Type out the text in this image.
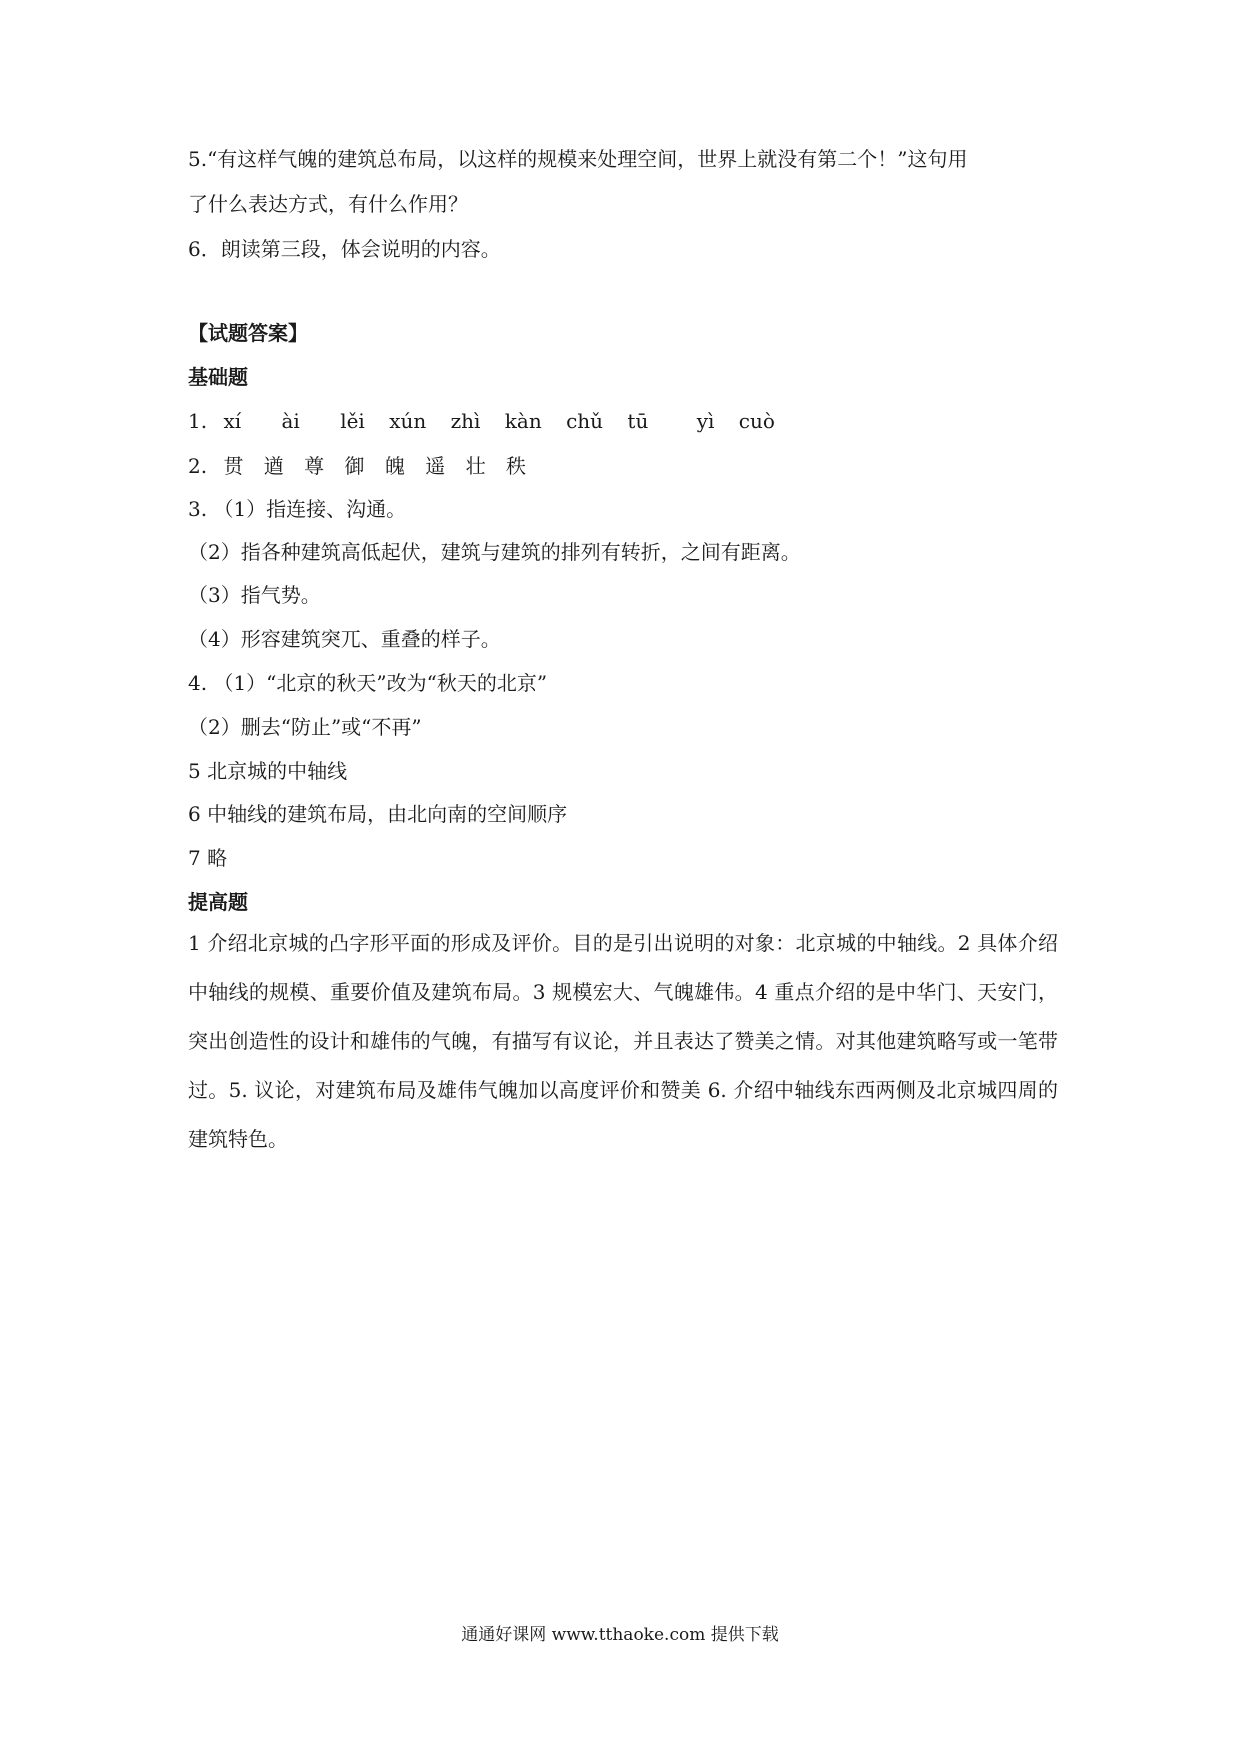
5.“有这样气魄的建筑总布局，以这样的规模来处理空间，世界上就没有第二个！”这句用
了什么表达方式，有什么作用？
6．朗读第三段，体会说明的内容。
【试题答案】
基础题
1. xí ài lěi xún zhì kàn chǔ tū yì cuò
2. 贯 遒 尊 御 魄 遥 壮 秩
3. （1）指连接、沟通。
（2）指各种建筑高低起伏，建筑与建筑的排列有转折，之间有距离。
（3）指气势。
（4）形容建筑突兀、重叠的样子。
4. （1）“北京的秋天”改为“秋天的北京”
（2）删去“防止”或“不再”
5 北京城的中轴线
6 中轴线的建筑布局，由北向南的空间顺序
7 略
提高题
1 介绍北京城的凸字形平面的形成及评价。目的是引出说明的对象：北京城的中轴线。2 具体介绍中轴线的规模、重要价值及建筑布局。3 规模宏大、气魄雄伟。4 重点介绍的是中华门、天安门，突出创造性的设计和雄伟的气魄，有描写有议论，并且表达了赞美之情。对其他建筑略写或一笔带过。5. 议论，对建筑布局及雄伟气魄加以高度评价和赞美 6. 介绍中轴线东西两侧及北京城四周的建筑特色。
通通好课网 www.tthaoke.com 提供下载
